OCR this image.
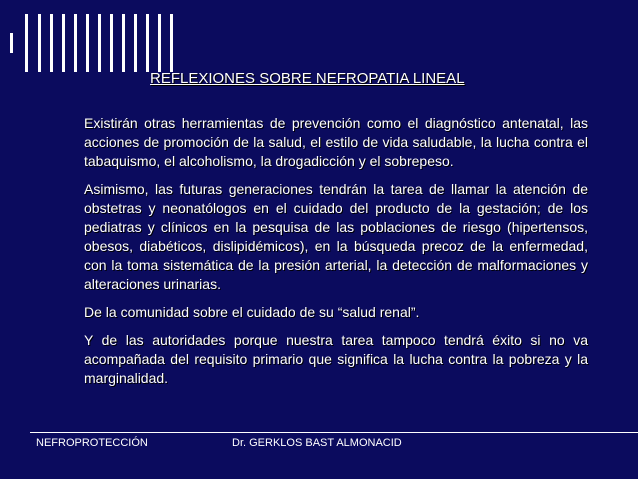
REFLEXIONES SOBRE NEFROPATIA LINEAL

Existirán otras herramientas de prevención como el diagnóstico antenatal, las acciones de promoción de la salud, el estilo de vida saludable, la lucha contra el tabaquismo, el alcoholismo, la drogadicción y el sobrepeso.

Asimismo, las futuras generaciones tendrán la tarea de llamar la atención de obstetras y neonatólogos en el cuidado del producto de la gestación; de los pediatras y clínicos en la pesquisa de las poblaciones de riesgo (hipertensos, obesos, diabéticos, dislipidémicos), en la búsqueda precoz de la enfermedad, con la toma sistemática de la presión arterial, la detección de malformaciones y alteraciones urinarias.

De la comunidad sobre el cuidado de su “salud renal”.

Y de las autoridades porque nuestra tarea tampoco tendrá éxito si no va acompañada del requisito primario que significa la lucha contra la pobreza y la marginalidad.

NEFROPROTECCIÓN	Dr. GERKLOS BAST ALMONACID
